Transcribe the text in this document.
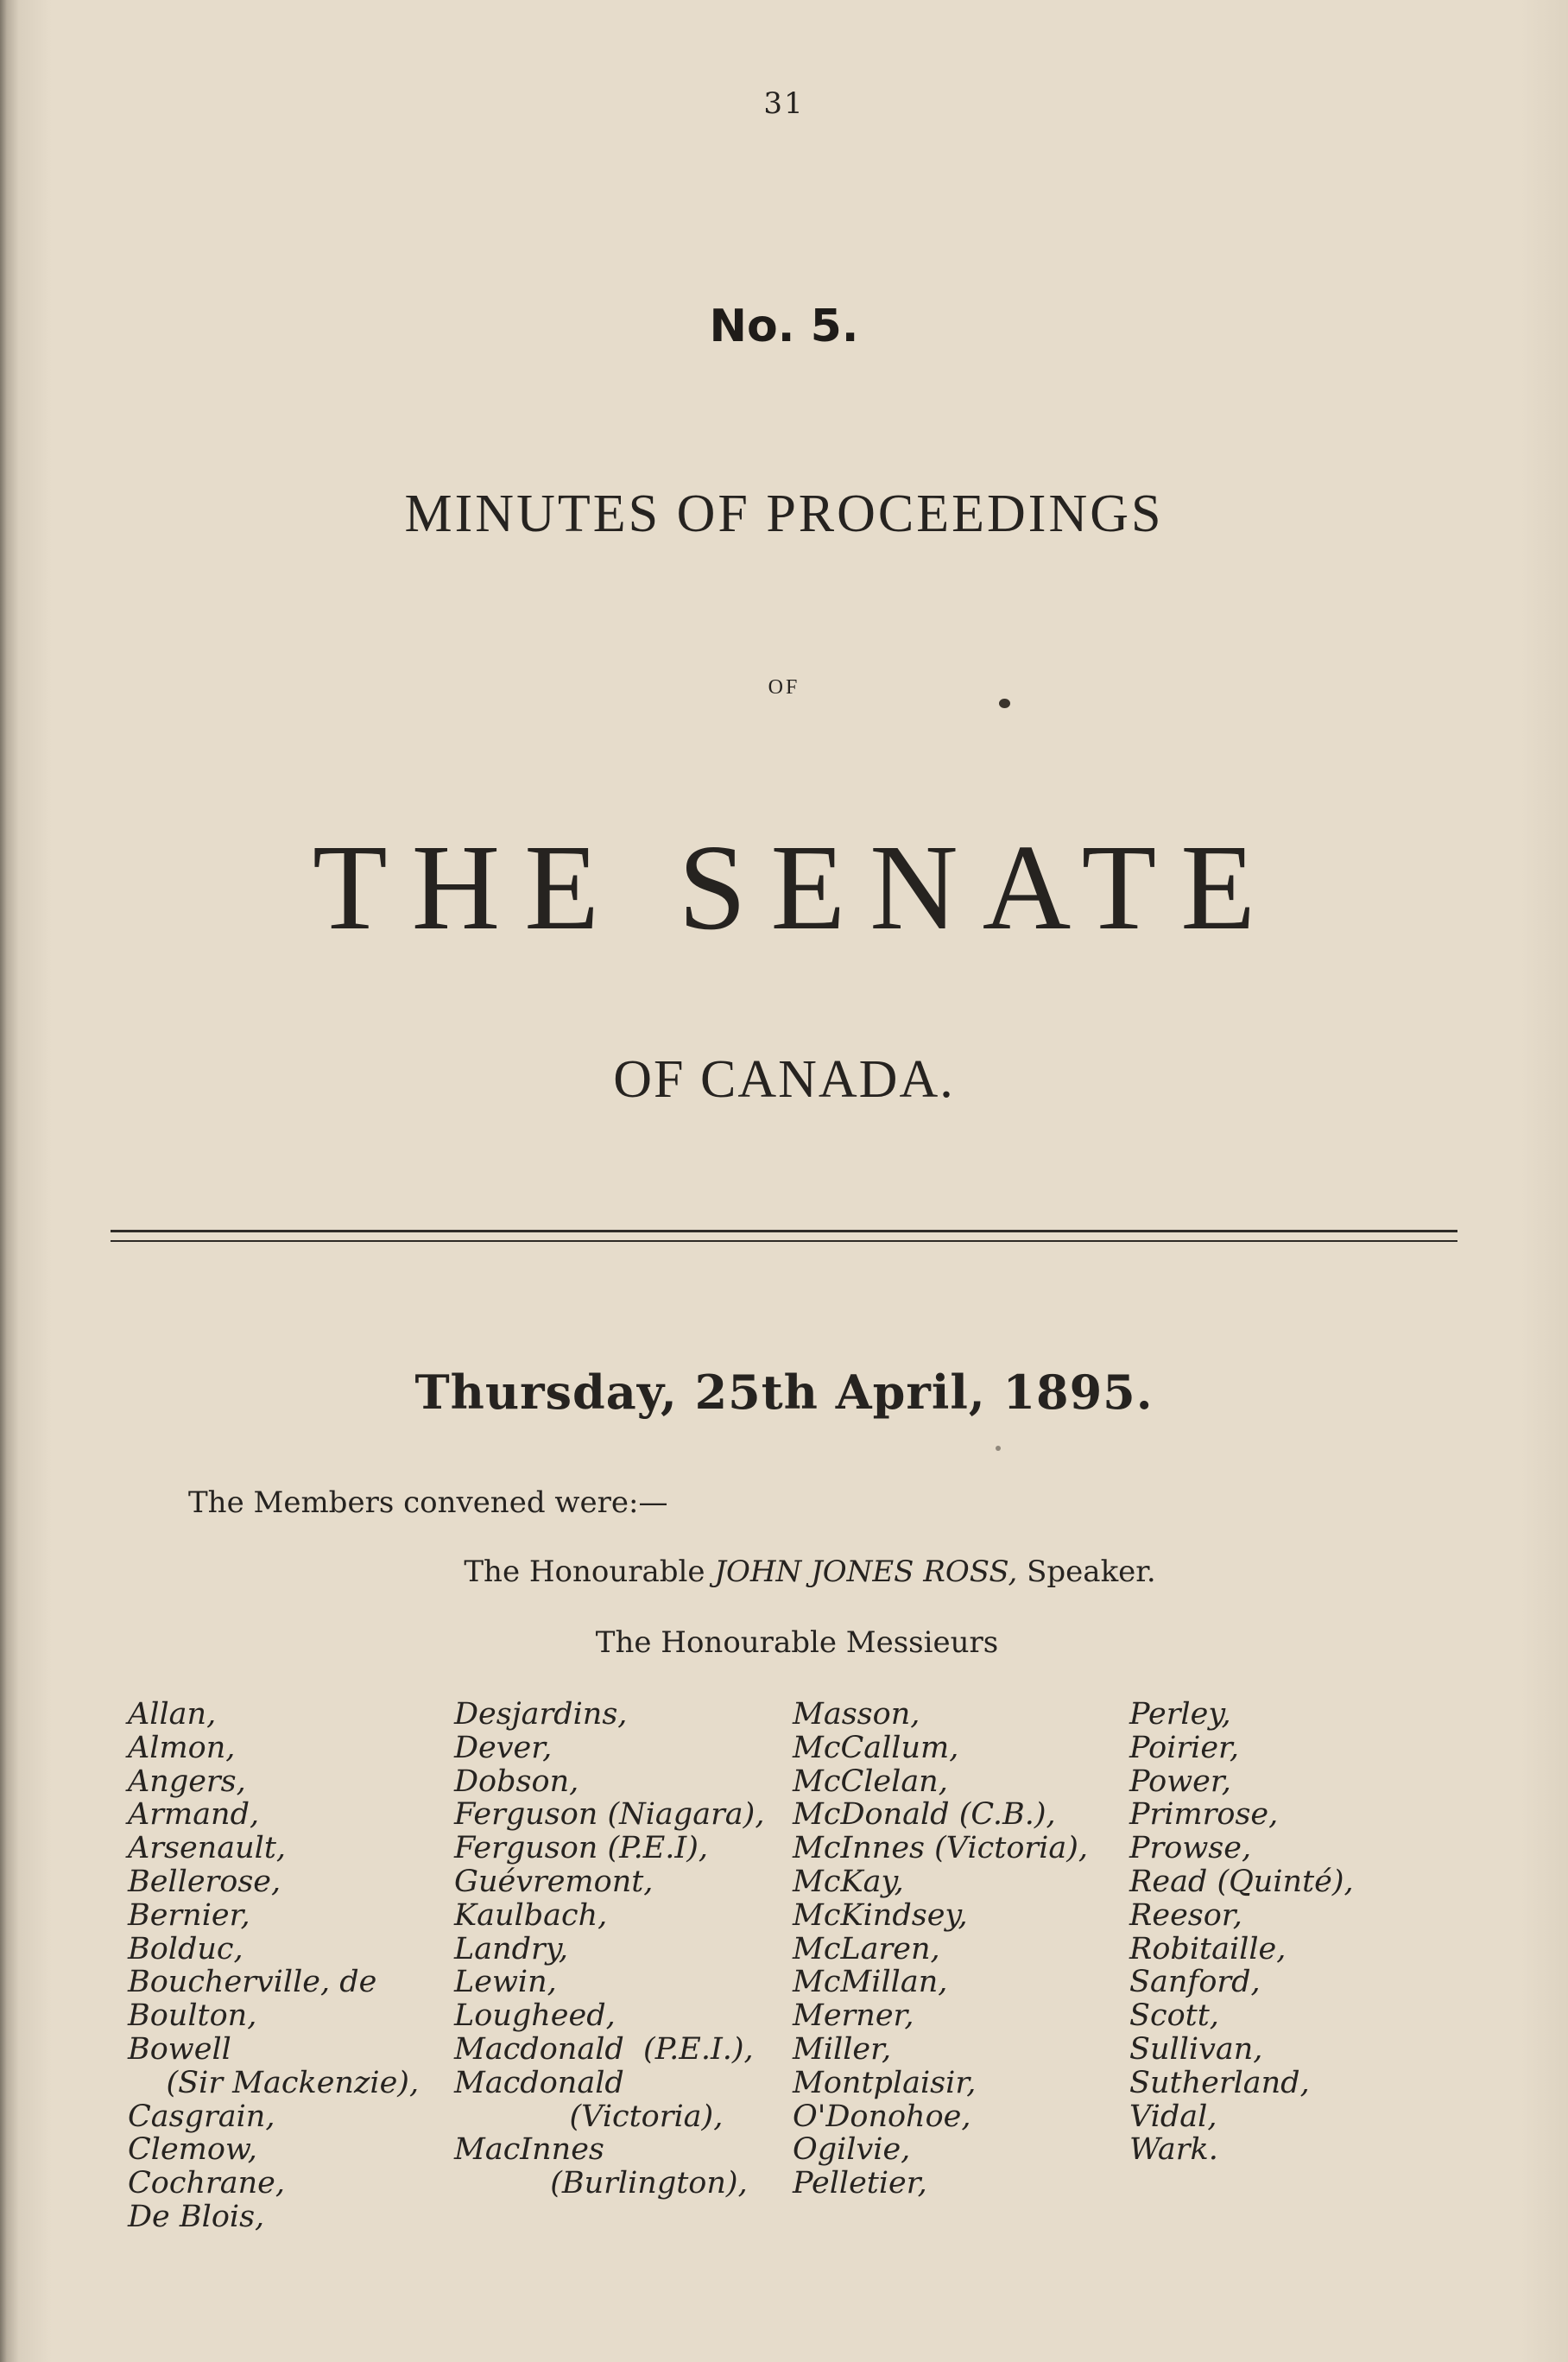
31
No. 5.
MINUTES OF PROCEEDINGS
OF
THE SENATE
OF CANADA.
Thursday, 25th April, 1895.
The Members convened were:—
The Honourable JOHN JONES ROSS, Speaker.
The Honourable Messieurs
Allan,
Almon,
Angers,
Armand,
Arsenault,
Bellerose,
Bernier,
Bolduc,
Boucherville, de
Boulton,
Bowell
(Sir Mackenzie),
Casgrain,
Clemow,
Cochrane,
De Blois,
Desjardins,
Dever,
Dobson,
Ferguson (Niagara),
Ferguson (P.E.I),
Guévremont,
Kaulbach,
Landry,
Lewin,
Lougheed,
Macdonald  (P.E.I.),
Macdonald
(Victoria),
MacInnes
(Burlington),

Masson,
McCallum,
McClelan,
McDonald (C.B.),
McInnes (Victoria),
McKay,
McKindsey,
McLaren,
McMillan,
Merner,
Miller,
Montplaisir,
O'Donohoe,
Ogilvie,
Pelletier,

Perley,
Poirier,
Power,
Primrose,
Prowse,
Read (Quinté),
Reesor,
Robitaille,
Sanford,
Scott,
Sullivan,
Sutherland,
Vidal,
Wark.
